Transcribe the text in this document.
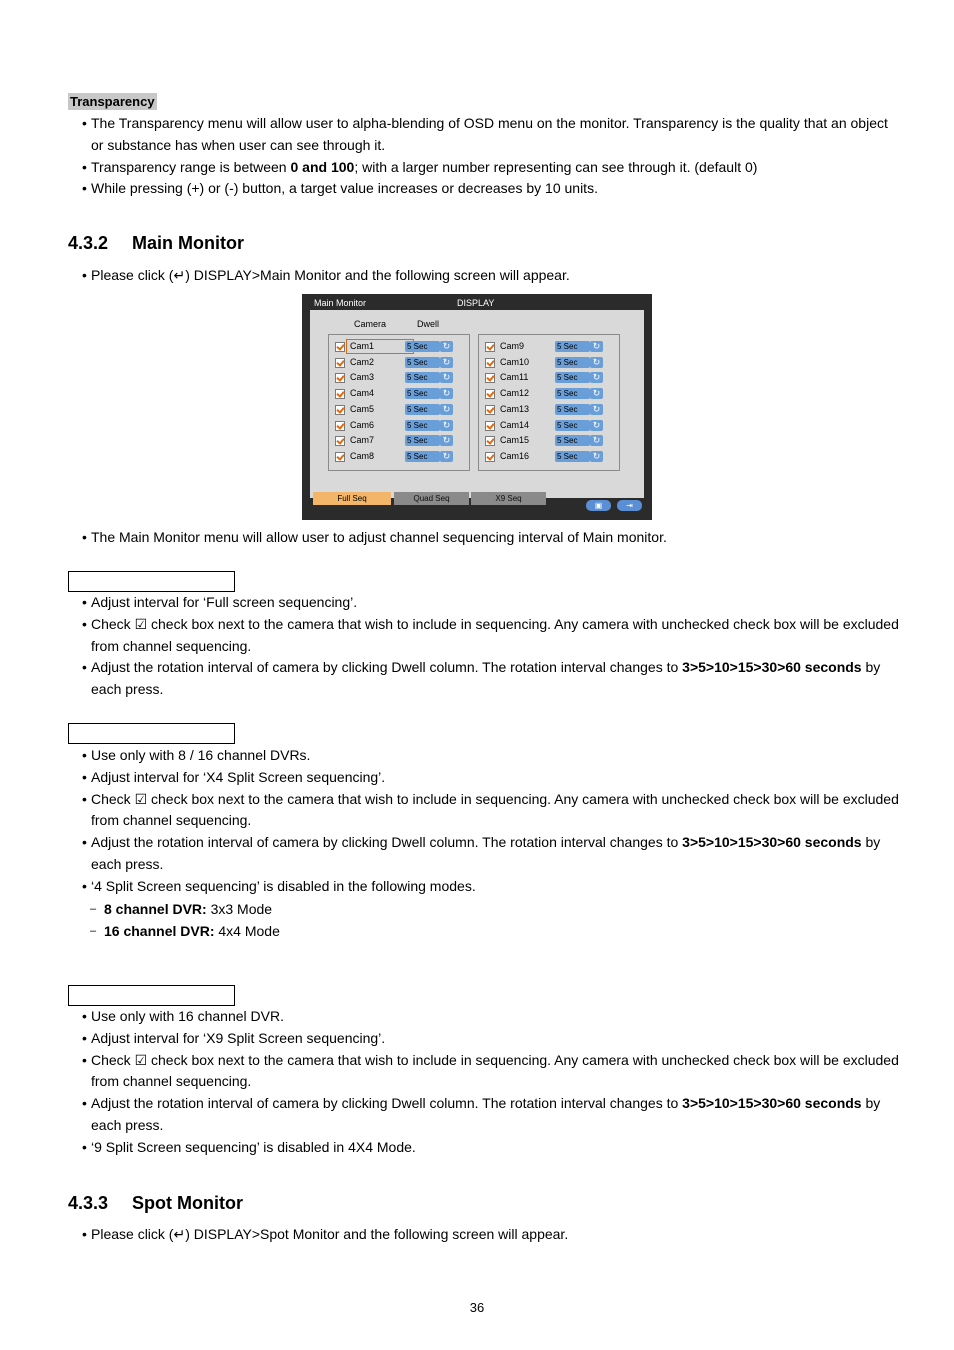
Transparency
• The Transparency menu will allow user to alpha-blending of OSD menu on the monitor. Transparency is the quality that an object or substance has when user can see through it.
• Transparency range is between 0 and 100; with a larger number representing can see through it. (default 0)
• While pressing (+) or (-) button, a target value increases or decreases by 10 units.
4.3.2 Main Monitor
• Please click (↵) DISPLAY>Main Monitor and the following screen will appear.
Main Monitor	DISPLAY
Camera	Dwell
Cam1	5 Sec	↻
Cam2	5 Sec	↻
Cam3	5 Sec	↻
Cam4	5 Sec	↻
Cam5	5 Sec	↻
Cam6	5 Sec	↻
Cam7	5 Sec	↻
Cam8	5 Sec	↻
Cam9	5 Sec	↻
Cam10	5 Sec	↻
Cam11	5 Sec	↻
Cam12	5 Sec	↻
Cam13	5 Sec	↻
Cam14	5 Sec	↻
Cam15	5 Sec	↻
Cam16	5 Sec	↻
Full Seq	Quad Seq	X9 Seq
▣	⇥
• The Main Monitor menu will allow user to adjust channel sequencing interval of Main monitor.
• Adjust interval for ‘Full screen sequencing’.
• Check ☑ check box next to the camera that wish to include in sequencing. Any camera with unchecked check box will be excluded from channel sequencing.
• Adjust the rotation interval of camera by clicking Dwell column. The rotation interval changes to 3>5>10>15>30>60 seconds by each press.
• Use only with 8 / 16 channel DVRs.
• Adjust interval for ‘X4 Split Screen sequencing’.
• Check ☑ check box next to the camera that wish to include in sequencing. Any camera with unchecked check box will be excluded from channel sequencing.
• Adjust the rotation interval of camera by clicking Dwell column. The rotation interval changes to 3>5>10>15>30>60 seconds by each press.
• ‘4 Split Screen sequencing’ is disabled in the following modes.
– 8 channel DVR: 3x3 Mode
– 16 channel DVR: 4x4 Mode
• Use only with 16 channel DVR.
• Adjust interval for ‘X9 Split Screen sequencing’.
• Check ☑ check box next to the camera that wish to include in sequencing. Any camera with unchecked check box will be excluded from channel sequencing.
• Adjust the rotation interval of camera by clicking Dwell column. The rotation interval changes to 3>5>10>15>30>60 seconds by each press.
• ‘9 Split Screen sequencing’ is disabled in 4X4 Mode.
4.3.3 Spot Monitor
• Please click (↵) DISPLAY>Spot Monitor and the following screen will appear.
36
